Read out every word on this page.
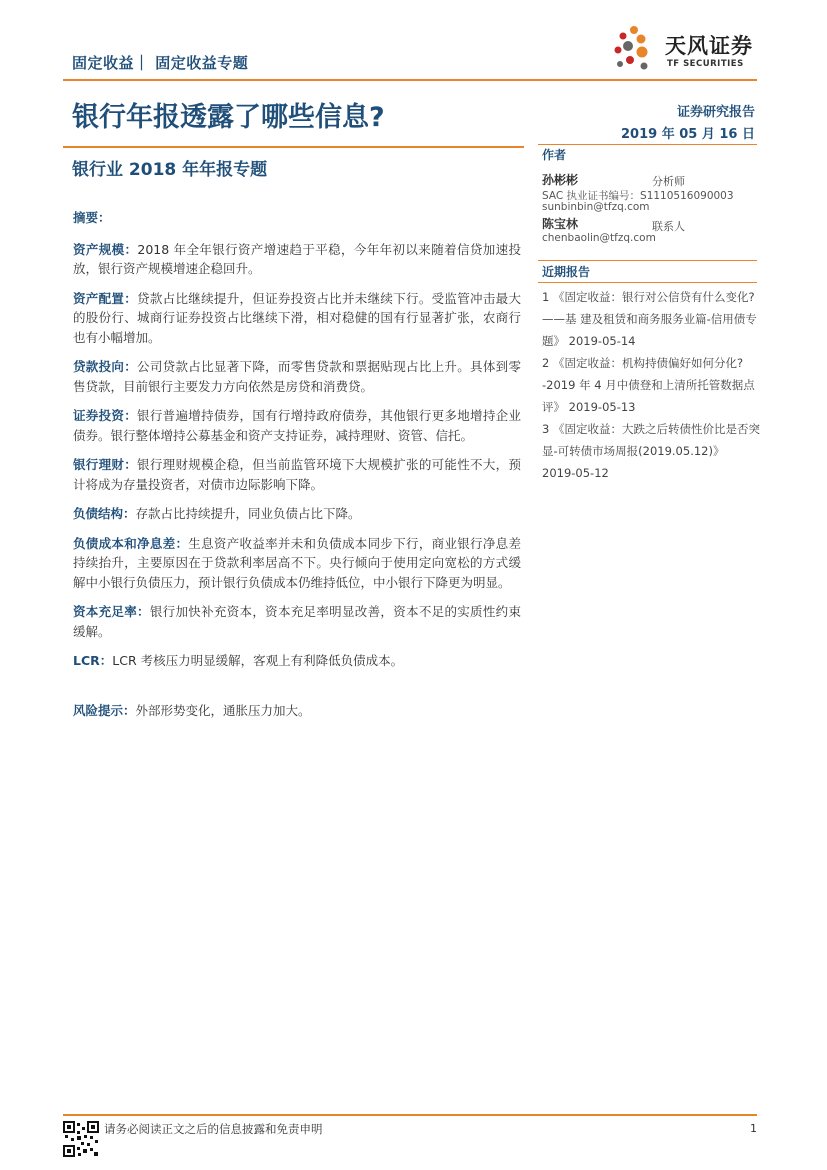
固定收益｜ 固定收益专题
天风证券
TF SECURITIES
银行年报透露了哪些信息?
银行业 2018 年年报专题
证券研究报告
2019 年 05 月 16 日
作者
孙彬彬	分析师
SAC 执业证书编号：S1110516090003
sunbinbin@tfzq.com
陈宝林	联系人
chenbaolin@tfzq.com
近期报告

1 《固定收益：银行对公信贷有什么变化? ——基 建及租赁和商务服务业篇-信用债专题》 2019-05-14

2 《固定收益：机构持债偏好如何分化? -2019 年 4 月中债登和上清所托管数据点评》 2019-05-13

3 《固定收益：大跌之后转债性价比是否突显-可转债市场周报(2019.05.12)》 2019-05-12

摘要：

资产规模：2018 年全年银行资产增速趋于平稳，今年年初以来随着信贷加速投放，银行资产规模增速企稳回升。

资产配置：贷款占比继续提升，但证券投资占比并未继续下行。受监管冲击最大的股份行、城商行证券投资占比继续下滑，相对稳健的国有行显著扩张，农商行也有小幅增加。

贷款投向：公司贷款占比显著下降，而零售贷款和票据贴现占比上升。具体到零售贷款，目前银行主要发力方向依然是房贷和消费贷。

证券投资：银行普遍增持债券，国有行增持政府债券，其他银行更多地增持企业债券。银行整体增持公募基金和资产支持证券，减持理财、资管、信托。

银行理财：银行理财规模企稳，但当前监管环境下大规模扩张的可能性不大，预计将成为存量投资者，对债市边际影响下降。

负债结构：存款占比持续提升，同业负债占比下降。

负债成本和净息差：生息资产收益率并未和负债成本同步下行，商业银行净息差持续抬升，主要原因在于贷款利率居高不下。央行倾向于使用定向宽松的方式缓解中小银行负债压力，预计银行负债成本仍维持低位，中小银行下降更为明显。

资本充足率：银行加快补充资本，资本充足率明显改善，资本不足的实质性约束缓解。

LCR：LCR 考核压力明显缓解，客观上有利降低负债成本。

风险提示：外部形势变化，通胀压力加大。

请务必阅读正文之后的信息披露和免责申明	1
